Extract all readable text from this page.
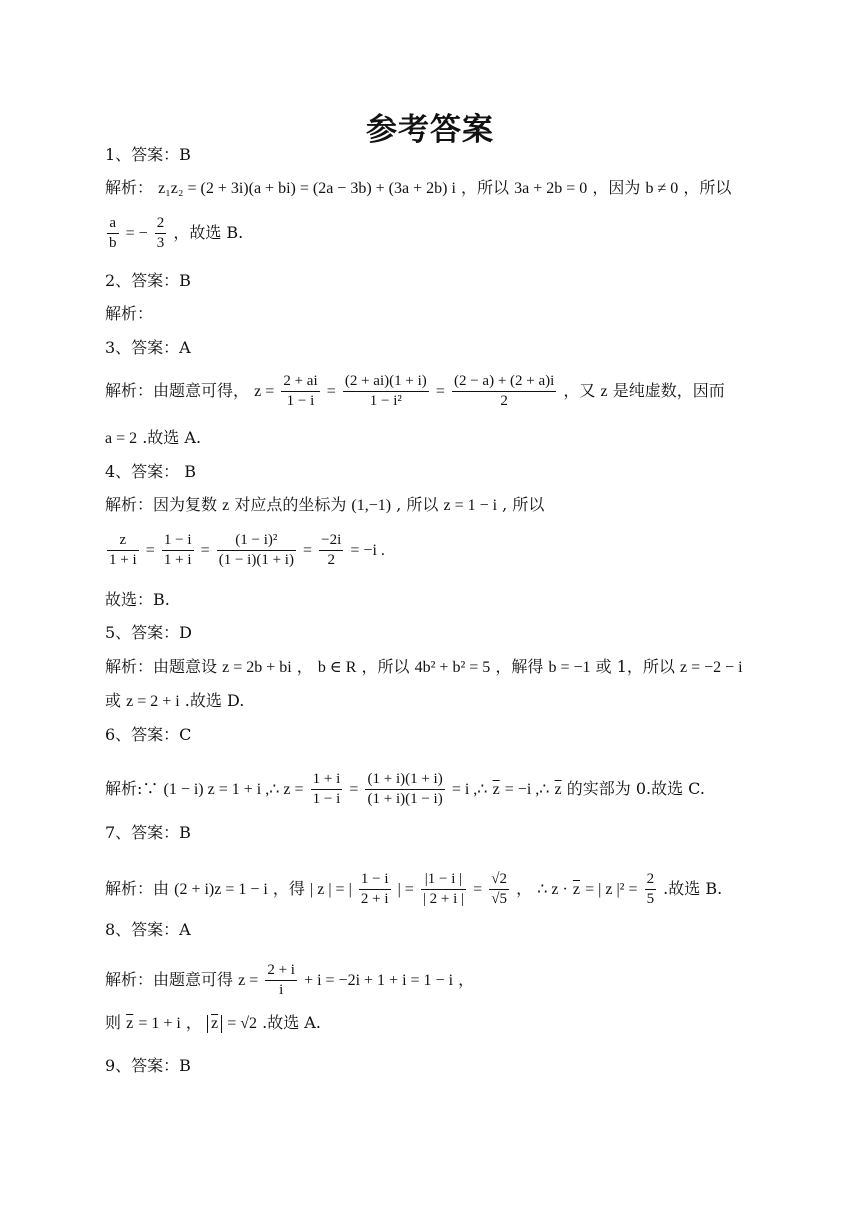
参考答案
1、答案：B
解析： z₁z₂ = (2 + 3i)(a + bi) = (2a − 3b) + (3a + 2b) i ，所以 3a + 2b = 0 ，因为 b ≠ 0 ，所以
$\frac{a}{b}$ = − $\frac{2}{3}$ ，故选 B.
2、答案：B
解析：
3、答案：A
解析：由题意可得， $z = \frac{2 + ai}{1 - i} = \frac{(2 + ai)(1 + i)}{\text{1 − i²}} = \frac{(2 - a) + (2 + a)i}{2}$ ，又 z 是纯虚数，因而
a = 2 .故选 A.
4、答案： B
解析：因为复数 z 对应点的坐标为 (1,−1) , 所以 z = 1 − i , 所以
$\frac{z}{1 + i} = \frac{1 - i}{1 + i} = \frac{\text{(1 − i)²}}{(1 - i)(1 + i)} = \frac{-2i}{2} = -i$ .
故选：B.
5、答案：D
解析：由题意设 z = 2b + bi ， b ∈ R ，所以 4b² + b² = 5 ，解得 b = −1 或 1，所以 z = −2 − i
或 z = 2 + i .故选 D.
6、答案：C
解析:∵ (1 − i) z = 1 + i ,∴ $z = \frac{1 + i}{1 - i} = \frac{(1 + i)(1 + i)}{(1 + i)(1 - i)} = i$ ,∴ $\overline{z} = -i$ ,∴ $\overline{z}$ 的实部为 0.故选 C.
7、答案：B
解析：由 (2 + i)z = 1 − i ，得 | z | = | $\frac{1 - i}{2 + i}$ | = $\frac{|1 - i |}{| 2 + i |} = \frac{√2}{√5}$ ， ∴ $z \cdot \overline{z}$ = | z $|^2 = \frac{2}{5}$ .故选 B.
8、答案：A
解析：由题意可得 $z = \frac{2 + i}{i} + i = -2i + 1 + i = 1 - i$ ，
则 $\overline{z} = 1 + i$ ， $\overline{z} = √2$ .故选 A.
9、答案：B
